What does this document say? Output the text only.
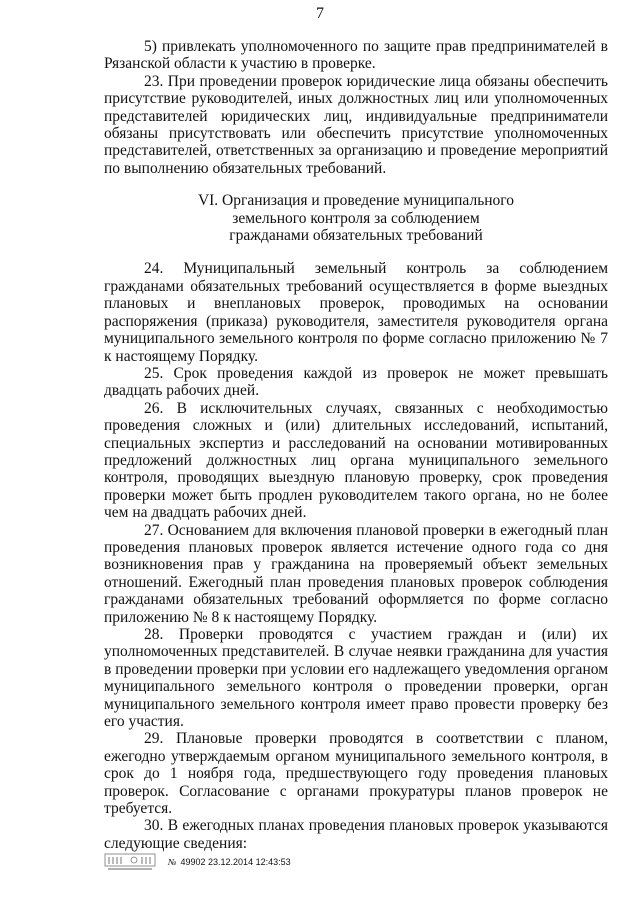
7

5) привлекать уполномоченного по защите прав предпринимателей в Рязанской области к участию в проверке.

23. При проведении проверок юридические лица обязаны обеспечить присутствие руководителей, иных должностных лиц или уполномоченных представителей юридических лиц, индивидуальные предприниматели обязаны присутствовать или обеспечить присутствие уполномоченных представителей, ответственных за организацию и проведение мероприятий по выполнению обязательных требований.

VI. Организация и проведение муниципального
земельного контроля за соблюдением
гражданами обязательных требований

24. Муниципальный земельный контроль за соблюдением гражданами обязательных требований осуществляется в форме выездных плановых и внеплановых проверок, проводимых на основании распоряжения (приказа) руководителя, заместителя руководителя органа муниципального земельного контроля по форме согласно приложению № 7 к настоящему Порядку.

25. Срок проведения каждой из проверок не может превышать двадцать рабочих дней.

26. В исключительных случаях, связанных с необходимостью проведения сложных и (или) длительных исследований, испытаний, специальных экспертиз и расследований на основании мотивированных предложений должностных лиц органа муниципального земельного контроля, проводящих выездную плановую проверку, срок проведения проверки может быть продлен руководителем такого органа, но не более чем на двадцать рабочих дней.

27. Основанием для включения плановой проверки в ежегодный план проведения плановых проверок является истечение одного года со дня возникновения прав у гражданина на проверяемый объект земельных отношений. Ежегодный план проведения плановых проверок соблюдения гражданами обязательных требований оформляется по форме согласно приложению № 8 к настоящему Порядку.

28. Проверки проводятся с участием граждан и (или) их уполномоченных представителей. В случае неявки гражданина для участия в проведении проверки при условии его надлежащего уведомления органом муниципального земельного контроля о проведении проверки, орган муниципального земельного контроля имеет право провести проверку без его участия.

29. Плановые проверки проводятся в соответствии с планом, ежегодно утверждаемым органом муниципального земельного контроля, в срок до 1 ноября года, предшествующего году проведения плановых проверок. Согласование с органами прокуратуры планов проверок не требуется.

30. В ежегодных планах проведения плановых проверок указываются следующие сведения:

№ 49902 23.12.2014 12:43:53
